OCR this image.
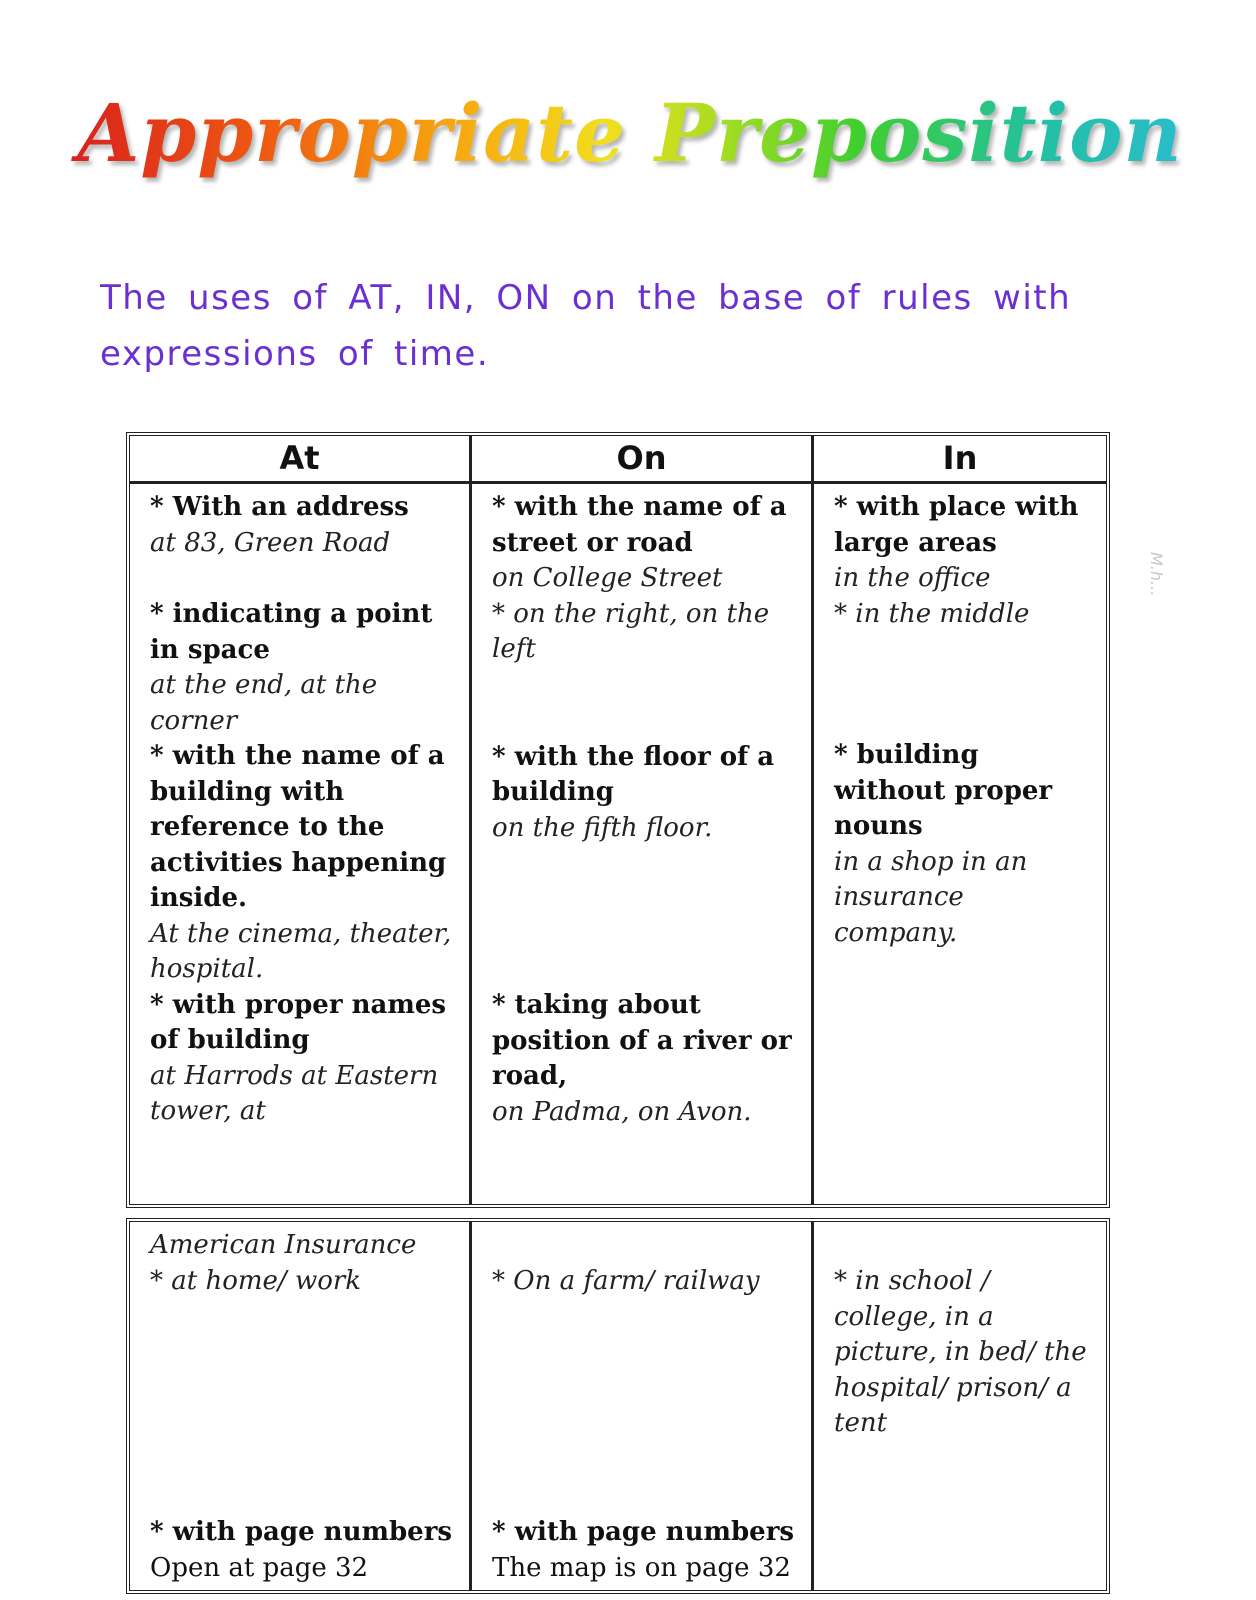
Appropriate Preposition

The uses of AT, IN, ON on the base of rules with expressions of time.

M.h...
At	On	In
* With an address
at 83, Green Road
* indicating a point in space
at the end, at the corner
* with the name of a building with reference to the activities happening inside.
At the cinema, theater, hospital.
* with proper names of building
at Harrods at Eastern tower, at
* with the name of a street or road
on College Street
* on the right, on the left
* with the floor of a building
on the fifth floor.
* taking about position of a river or road,
on Padma, on Avon.
* with place with large areas
in the office
* in the middle
* building without proper nouns
in a shop in an insurance company.
American Insurance
* at home/ work
* with page numbers
Open at page 32
* On a farm/ railway
* with page numbers
The map is on page 32
* in school / college, in a picture, in bed/ the hospital/ prison/ a tent
